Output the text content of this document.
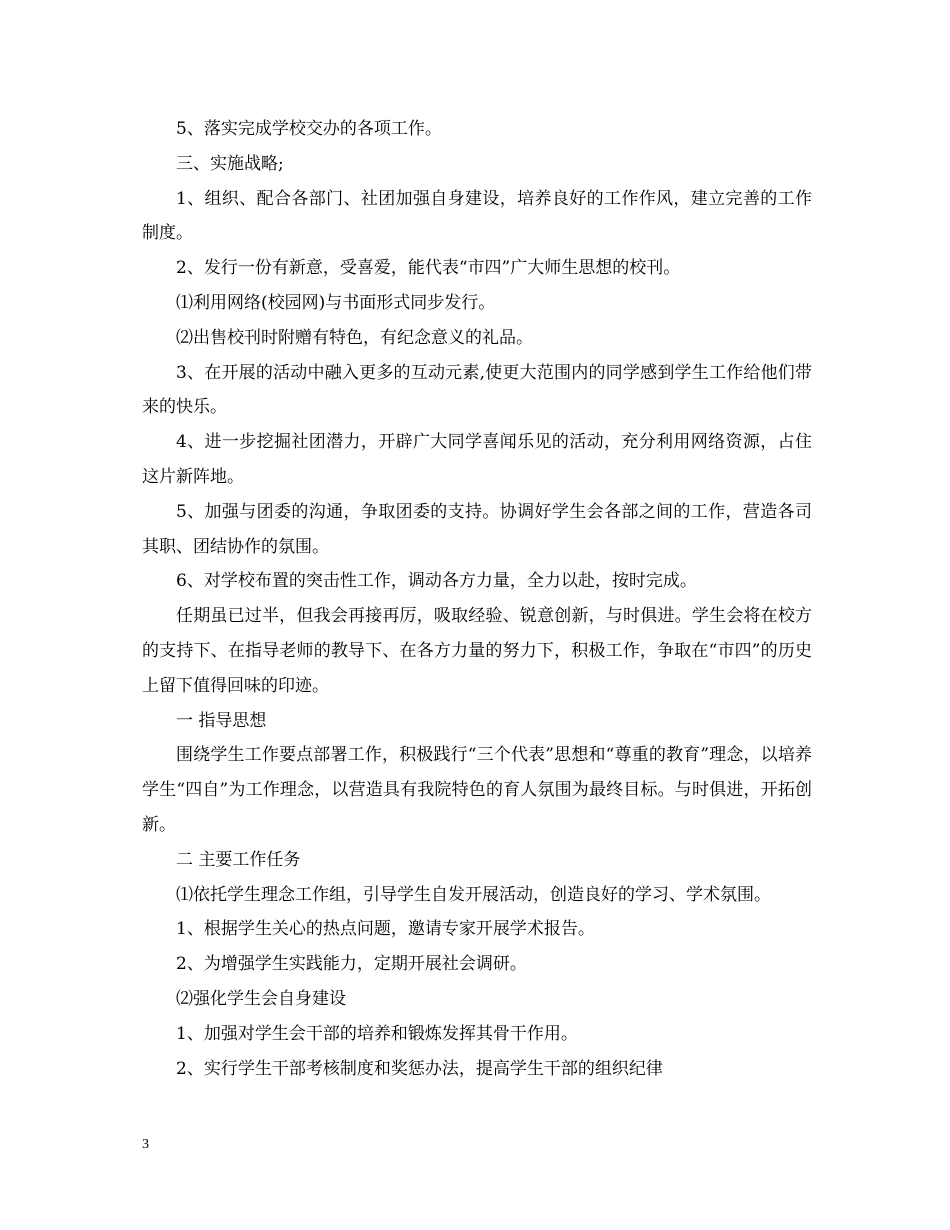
5、落实完成学校交办的各项工作。

三、实施战略;

1、组织、配合各部门、社团加强自身建设，培养良好的工作作风，建立完善的工作制度。

2、发行一份有新意，受喜爱，能代表“市四”广大师生思想的校刊。

⑴利用网络(校园网)与书面形式同步发行。

⑵出售校刊时附赠有特色，有纪念意义的礼品。

3、在开展的活动中融入更多的互动元素,使更大范围内的同学感到学生工作给他们带来的快乐。

4、进一步挖掘社团潜力，开辟广大同学喜闻乐见的活动，充分利用网络资源，占住这片新阵地。

5、加强与团委的沟通，争取团委的支持。协调好学生会各部之间的工作，营造各司其职、团结协作的氛围。

6、对学校布置的突击性工作，调动各方力量，全力以赴，按时完成。

任期虽已过半，但我会再接再厉，吸取经验、锐意创新，与时俱进。学生会将在校方的支持下、在指导老师的教导下、在各方力量的努力下，积极工作，争取在“市四”的历史上留下值得回味的印迹。

一 指导思想

围绕学生工作要点部署工作，积极践行“三个代表”思想和“尊重的教育”理念，以培养学生“四自”为工作理念，以营造具有我院特色的育人氛围为最终目标。与时俱进，开拓创新。

二 主要工作任务

⑴依托学生理念工作组，引导学生自发开展活动，创造良好的学习、学术氛围。

1、根据学生关心的热点问题，邀请专家开展学术报告。

2、为增强学生实践能力，定期开展社会调研。

⑵强化学生会自身建设

1、加强对学生会干部的培养和锻炼发挥其骨干作用。

2、实行学生干部考核制度和奖惩办法，提高学生干部的组织纪律

3
